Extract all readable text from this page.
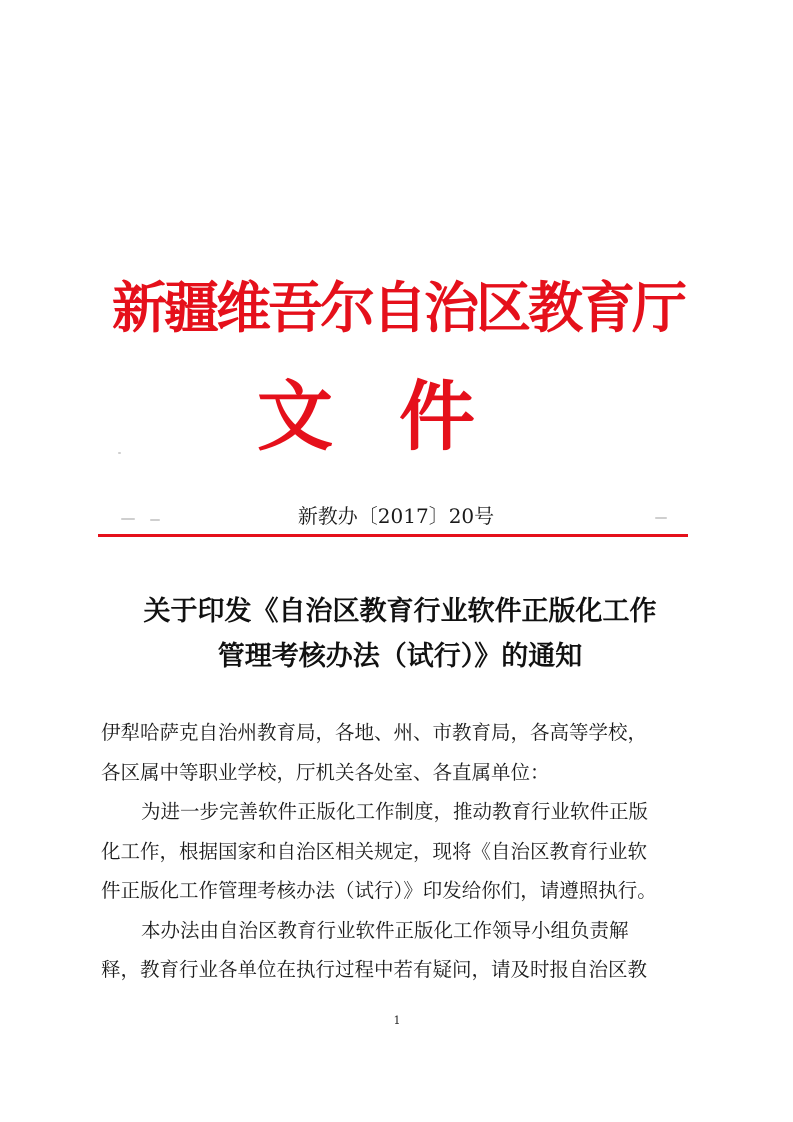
新疆维吾尔自治区教育厅
文件
新教办〔2017〕20号
关于印发《自治区教育行业软件正版化工作
管理考核办法（试行）》的通知
伊犁哈萨克自治州教育局，各地、州、市教育局，各高等学校，
各区属中等职业学校，厅机关各处室、各直属单位：
为进一步完善软件正版化工作制度，推动教育行业软件正版
化工作，根据国家和自治区相关规定，现将《自治区教育行业软
件正版化工作管理考核办法（试行）》印发给你们，请遵照执行。
本办法由自治区教育行业软件正版化工作领导小组负责解
释，教育行业各单位在执行过程中若有疑问，请及时报自治区教
1
